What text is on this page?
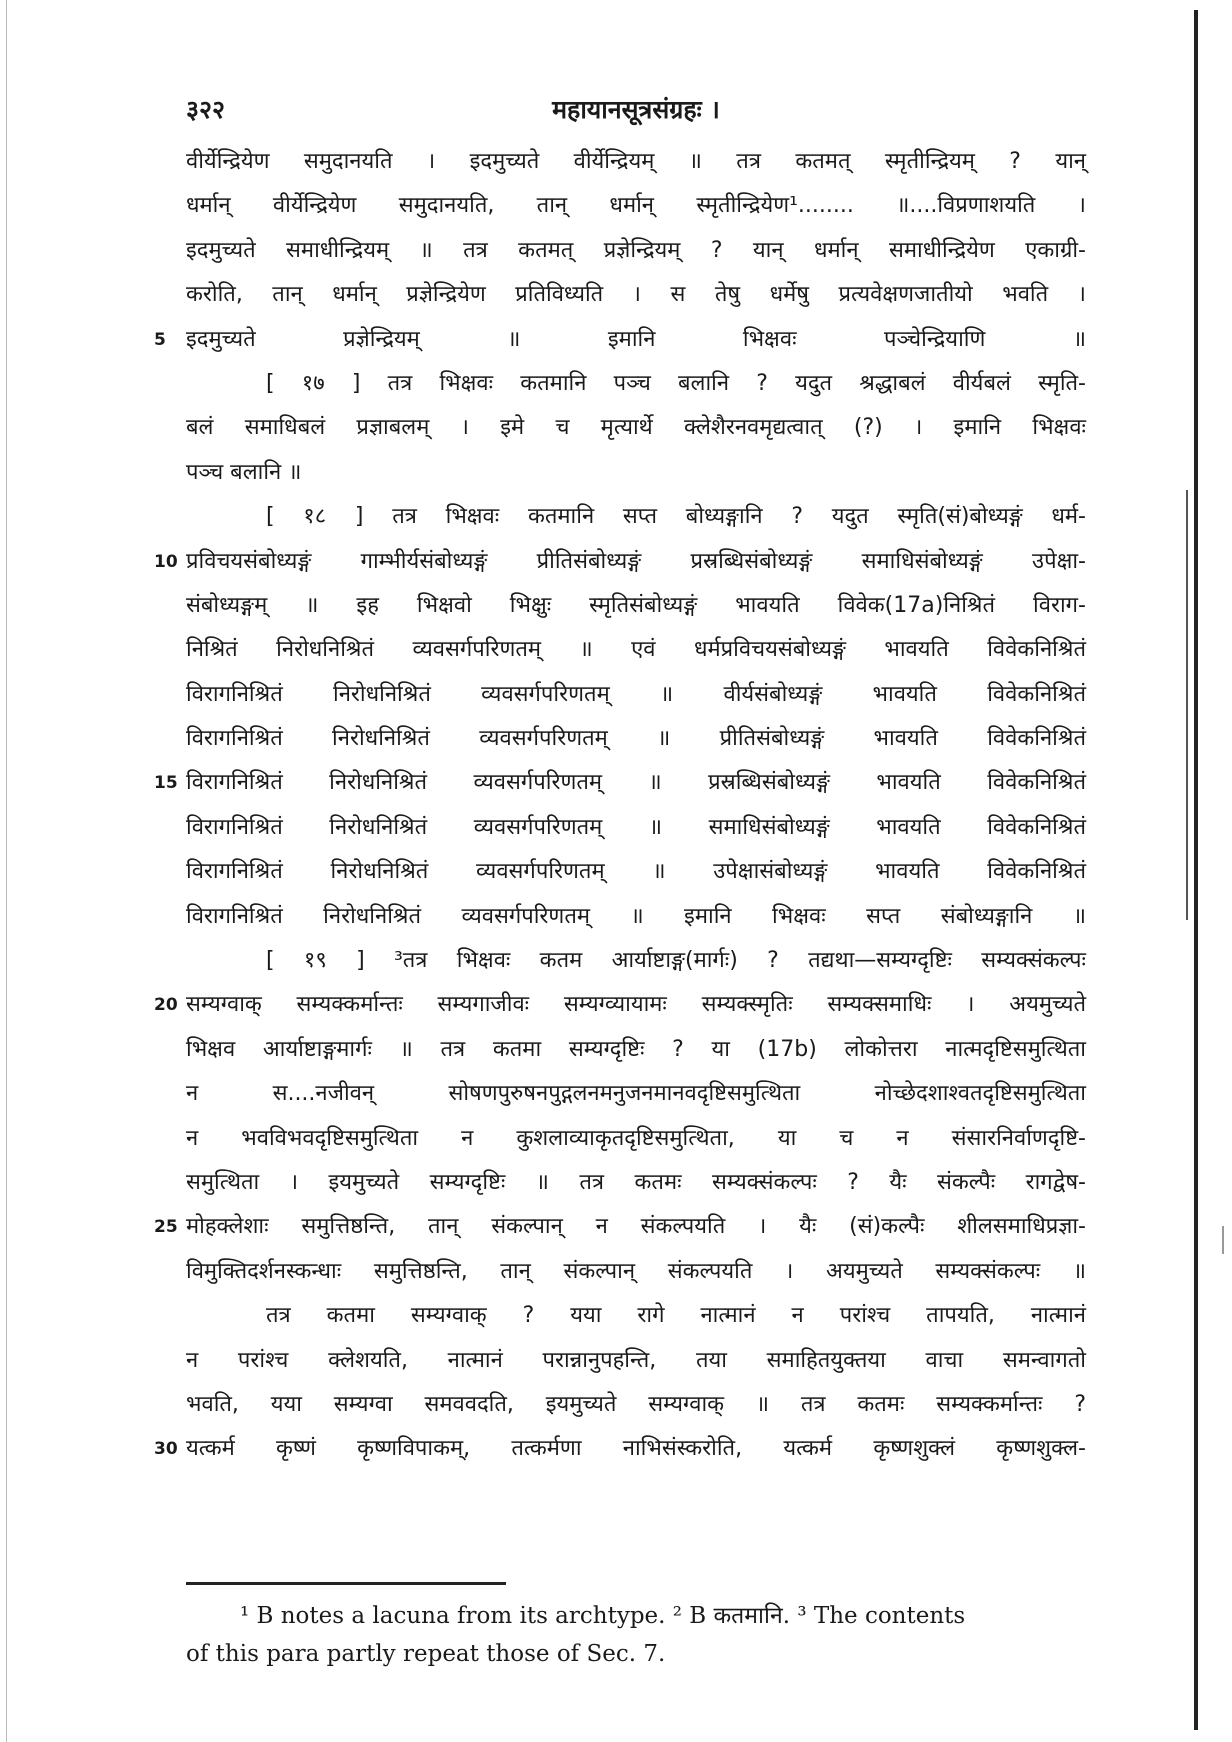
३२२	महायानसूत्रसंग्रहः ।
वीर्येन्द्रियेण समुदानयति । इदमुच्यते वीर्येन्द्रियम् ॥ तत्र कतमत् स्मृतीन्द्रियम् ? यान्
धर्मान् वीर्येन्द्रियेण समुदानयति, तान् धर्मान् स्मृतीन्द्रियेण¹........ ॥....विप्रणाशयति ।
इदमुच्यते समाधीन्द्रियम् ॥ तत्र कतमत् प्रज्ञेन्द्रियम् ? यान् धर्मान् समाधीन्द्रियेण एकाग्री-
करोति, तान् धर्मान् प्रज्ञेन्द्रियेण प्रतिविध्यति । स तेषु धर्मेषु प्रत्यवेक्षणजातीयो भवति ।
5 इदमुच्यते प्रज्ञेन्द्रियम् ॥ इमानि भिक्षवः पञ्चेन्द्रियाणि ॥
[ १७ ] तत्र भिक्षवः कतमानि पञ्च बलानि ? यदुत श्रद्धाबलं वीर्यबलं स्मृति-
बलं समाधिबलं प्रज्ञाबलम् । इमे च मृत्यार्थे क्लेशैरनवमृद्यत्वात् (?) । इमानि भिक्षवः
पञ्च बलानि ॥
[ १८ ] तत्र भिक्षवः कतमानि सप्त बोध्यङ्गानि ? यदुत स्मृति(सं)बोध्यङ्गं धर्म-
10 प्रविचयसंबोध्यङ्गं गाम्भीर्यसंबोध्यङ्गं प्रीतिसंबोध्यङ्गं प्रस्रब्धिसंबोध्यङ्गं समाधिसंबोध्यङ्गं उपेक्षा-
संबोध्यङ्गम् ॥ इह भिक्षवो भिक्षुः स्मृतिसंबोध्यङ्गं भावयति विवेक(17a)निश्रितं विराग-
निश्रितं निरोधनिश्रितं व्यवसर्गपरिणतम् ॥ एवं धर्मप्रविचयसंबोध्यङ्गं भावयति विवेकनिश्रितं
विरागनिश्रितं निरोधनिश्रितं व्यवसर्गपरिणतम् ॥ वीर्यसंबोध्यङ्गं भावयति विवेकनिश्रितं
विरागनिश्रितं निरोधनिश्रितं व्यवसर्गपरिणतम् ॥ प्रीतिसंबोध्यङ्गं भावयति विवेकनिश्रितं
15 विरागनिश्रितं निरोधनिश्रितं व्यवसर्गपरिणतम् ॥ प्रस्रब्धिसंबोध्यङ्गं भावयति विवेकनिश्रितं
विरागनिश्रितं निरोधनिश्रितं व्यवसर्गपरिणतम् ॥ समाधिसंबोध्यङ्गं भावयति विवेकनिश्रितं
विरागनिश्रितं निरोधनिश्रितं व्यवसर्गपरिणतम् ॥ उपेक्षासंबोध्यङ्गं भावयति विवेकनिश्रितं
विरागनिश्रितं निरोधनिश्रितं व्यवसर्गपरिणतम् ॥ इमानि भिक्षवः सप्त संबोध्यङ्गानि ॥
[ १९ ] ³तत्र भिक्षवः कतम आर्याष्टाङ्ग(मार्गः) ? तद्यथा—सम्यग्दृष्टिः सम्यक्संकल्पः
20 सम्यग्वाक् सम्यक्कर्मान्तः सम्यगाजीवः सम्यग्व्यायामः सम्यक्स्मृतिः सम्यक्समाधिः । अयमुच्यते
भिक्षव आर्याष्टाङ्गमार्गः ॥ तत्र कतमा सम्यग्दृष्टिः ? या (17b) लोकोत्तरा नात्मदृष्टिसमुत्थिता
न स....नजीवन् सोषणपुरुषनपुद्गलनमनुजनमानवदृष्टिसमुत्थिता नोच्छेदशाश्वतदृष्टिसमुत्थिता
न भवविभवदृष्टिसमुत्थिता न कुशलाव्याकृतदृष्टिसमुत्थिता, या च न संसारनिर्वाणदृष्टि-
समुत्थिता । इयमुच्यते सम्यग्दृष्टिः ॥ तत्र कतमः सम्यक्संकल्पः ? यैः संकल्पैः रागद्वेष-
25 मोहक्लेशाः समुत्तिष्ठन्ति, तान् संकल्पान् न संकल्पयति । यैः (सं)कल्पैः शीलसमाधिप्रज्ञा-
विमुक्तिदर्शनस्कन्धाः समुत्तिष्ठन्ति, तान् संकल्पान् संकल्पयति । अयमुच्यते सम्यक्संकल्पः ॥
तत्र कतमा सम्यग्वाक् ? यया रागे नात्मानं न परांश्च तापयति, नात्मानं
न परांश्च क्लेशयति, नात्मानं परान्नानुपहन्ति, तया समाहितयुक्तया वाचा समन्वागतो
भवति, यया सम्यग्वा समववदति, इयमुच्यते सम्यग्वाक् ॥ तत्र कतमः सम्यक्कर्मान्तः ?
30 यत्कर्म कृष्णं कृष्णविपाकम्, तत्कर्मणा नाभिसंस्करोति, यत्कर्म कृष्णशुक्लं कृष्णशुक्ल-
¹ B notes a lacuna from its archtype. ² B कतमानि. ³ The contents
of this para partly repeat those of Sec. 7.
